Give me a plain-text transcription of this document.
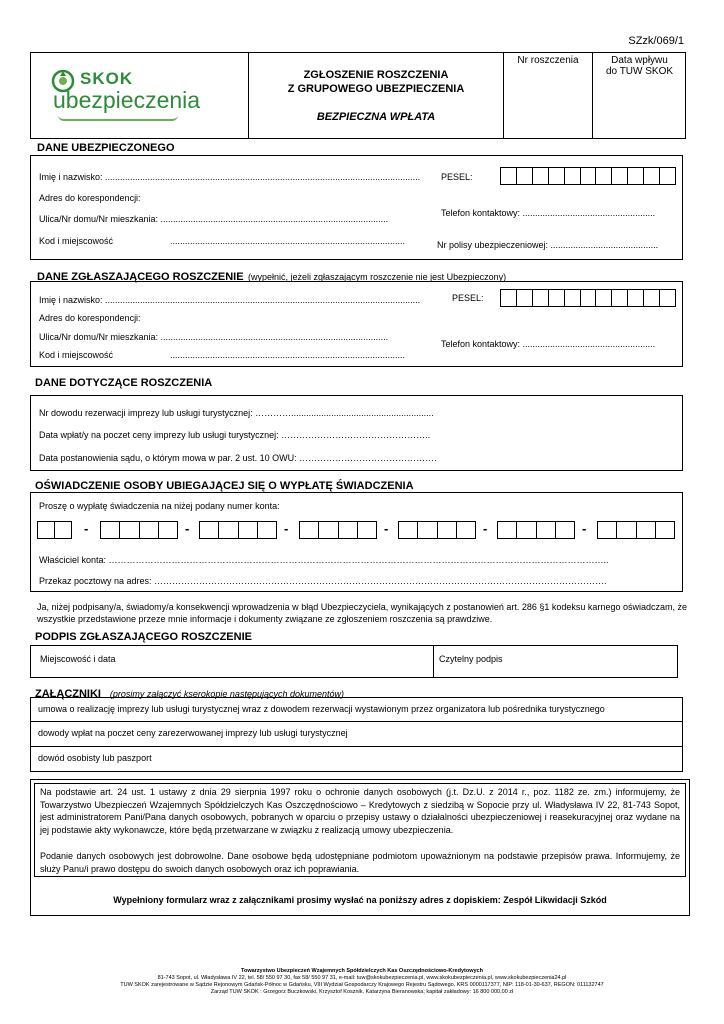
SZzk/069/1
SKOK
ubezpieczenia
ZGŁOSZENIE ROSZCZENIA
Z GRUPOWEGO UBEZPIECZENIA
BEZPIECZNA WPŁATA
Nr roszczenia	Data wpływu
do TUW SKOK
DANE UBEZPIECZONEGO
Imię i nazwisko: .............................................................................................................................. PESEL:
Adres do korespondencji:
Ulica/Nr domu/Nr mieszkania: ...........................................................................................
Telefon kontaktowy: .....................................................
Kod i miejscowość	..............................................................................................	Nr polisy ubezpieczeniowej: ...........................................
DANE ZGŁASZAJĄCEGO ROSZCZENIE (wypełnić, jeżeli zgłaszającym roszczenie nie jest Ubezpieczony)
Imię i nazwisko: ..............................................................................................................................	PESEL:
Adres do korespondencji:
Ulica/Nr domu/Nr mieszkania: ...........................................................................................
Telefon kontaktowy: .....................................................
Kod i miejscowość	..............................................................................................
DANE DOTYCZĄCE ROSZCZENIA
Nr dowodu rezerwacji imprezy lub usługi turystycznej: ………….........................................................
Data wpłat/y na poczet ceny imprezy lub usługi turystycznej: …………………………………………..
Data postanowienia sądu, o którym mowa w par. 2 ust. 10 OWU: ……………………………………….
OŚWIADCZENIE OSOBY UBIEGAJĄCEJ SIĘ O WYPŁATĘ ŚWIADCZENIA
Proszę o wypłatę świadczenia na niżej podany numer konta:
-	-	-	-	-	-
Właściciel konta: …………………………………………………………………………………………………………………………………………………..
Przekaz pocztowy na adres: …………………………………………………………………………………………………………………………………….
Ja, niżej podpisany/a, świadomy/a konsekwencji wprowadzenia w błąd Ubezpieczyciela, wynikających z postanowień art. 286 §1 kodeksu karnego oświadczam, że wszystkie przedstawione przeze mnie informacje i dokumenty związane ze zgłoszeniem roszczenia są prawdziwe.
PODPIS ZGŁASZAJĄCEGO ROSZCZENIE
Miejscowość i data	Czytelny podpis
ZAŁĄCZNIKI (prosimy załączyć kserokopie następujących dokumentów)
umowa o realizację imprezy lub usługi turystycznej wraz z dowodem rezerwacji wystawionym przez organizatora lub pośrednika turystycznego
dowody wpłat na poczet ceny zarezerwowanej imprezy lub usługi turystycznej
dowód osobisty lub paszport
Na podstawie art. 24 ust. 1 ustawy z dnia 29 sierpnia 1997 roku o ochronie danych osobowych (j.t. Dz.U. z 2014 r., poz. 1182 ze. zm.) informujemy, że Towarzystwo Ubezpieczeń Wzajemnych Spółdzielczych Kas Oszczędnościowo – Kredytowych z siedzibą w Sopocie przy ul. Władysława IV 22, 81-743 Sopot, jest administratorem Pani/Pana danych osobowych, pobranych w oparciu o przepisy ustawy o działalności ubezpieczeniowej i reasekuracyjnej oraz wydane na jej podstawie akty wykonawcze, które będą przetwarzane w związku z realizacją umowy ubezpieczenia.
Podanie danych osobowych jest dobrowolne. Dane osobowe będą udostępniane podmiotom upoważnionym na podstawie przepisów prawa. Informujemy, że służy Panu/i prawo dostępu do swoich danych osobowych oraz ich poprawiania.
Wypełniony formularz wraz z załącznikami prosimy wysłać na poniższy adres z dopiskiem: Zespół Likwidacji Szkód
Towarzystwo Ubezpieczeń Wzajemnych Spółdzielczych Kas Oszczędnościowo-Kredytowych
81-743 Sopot, ul. Władysława IV 22, tel. 58/ 550 97 30, fax 58/ 550 97 31, e-mail: tuw@skokubezpieczenia.pl, www.skokubezpieczenia.pl, www.skokubezpieczenia24.pl
TUW SKOK zarejestrowane w Sądzie Rejonowym Gdańsk-Północ w Gdańsku, VIII Wydział Gospodarczy Krajowego Rejestru Sądowego, KRS 0000117377, NIP: 118-01-30-637, REGON: 011132747
Zarząd TUW SKOK : Grzegorz Buczkowski, Krzysztof Kosznik, Katarzyna Bieranowska; kapitał zakładowy: 16 800 000,00 zł
